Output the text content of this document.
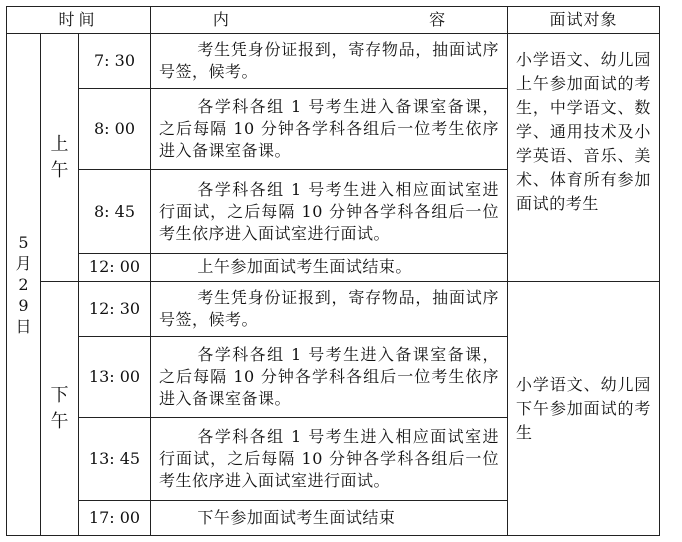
时间			内 容	面试对象
5月29日	上午	7: 30	考生凭身份证报到，寄存物品，抽面试序号签，候考。	小学语文、幼儿园上午参加面试的考生，中学语文、数学、通用技术及小学英语、音乐、美术、体育所有参加面试的考生
		8: 00	各学科各组 1 号考生进入备课室备课，之后每隔 10 分钟各学科各组后一位考生依序进入备课室备课。	
		8: 45	各学科各组 1 号考生进入相应面试室进行面试，之后每隔 10 分钟各学科各组后一位考生依序进入面试室进行面试。	
		12: 00	上午参加面试考生面试结束。	
	下午	12: 30	考生凭身份证报到，寄存物品，抽面试序号签，候考。	小学语文、幼儿园下午参加面试的考生
		13: 00	各学科各组 1 号考生进入备课室备课，之后每隔 10 分钟各学科各组后一位考生依序进入备课室备课。	
		13: 45	各学科各组 1 号考生进入相应面试室进行面试，之后每隔 10 分钟各学科各组后一位考生依序进入面试室进行面试。	
		17: 00	下午参加面试考生面试结束	
